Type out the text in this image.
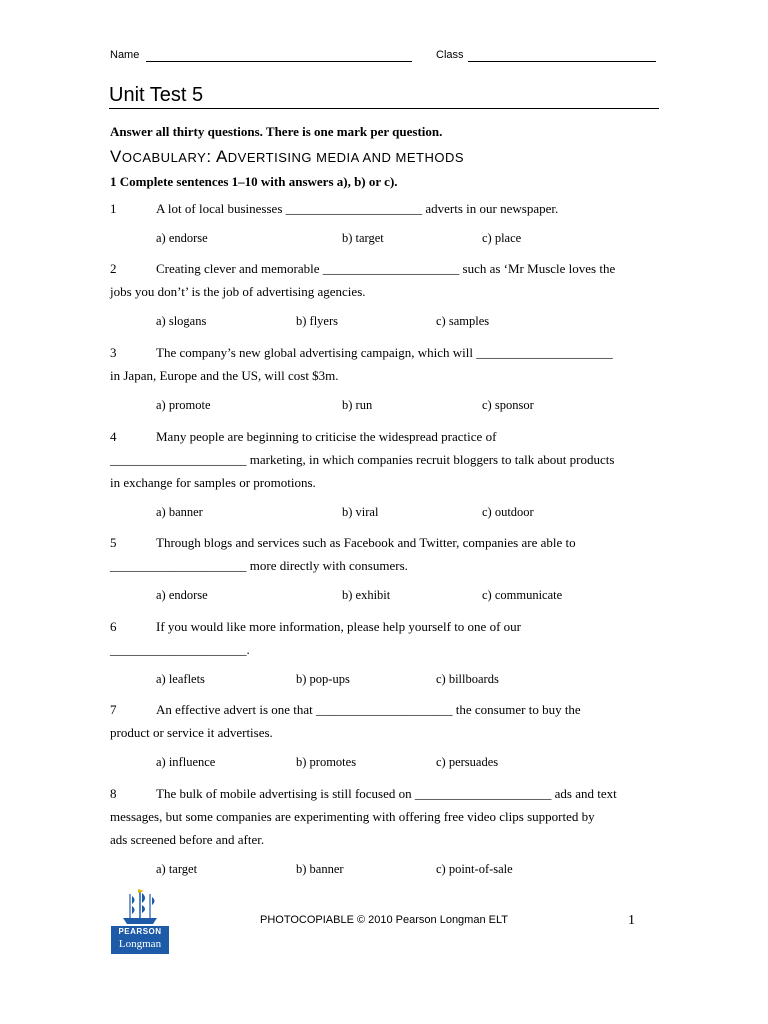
Name	Class
Unit Test 5
Answer all thirty questions. There is one mark per question.
VOCABULARY: ADVERTISING MEDIA AND METHODS
1 Complete sentences 1–10 with answers a), b) or c).
1	A lot of local businesses _____________________ adverts in our newspaper.
a) endorse	b) target	c) place
2	Creating clever and memorable _____________________ such as ‘Mr Muscle loves the
jobs you don’t’ is the job of advertising agencies.
a) slogans	b) flyers	c) samples
3	The company’s new global advertising campaign, which will _____________________
in Japan, Europe and the US, will cost $3m.
a) promote	b) run	c) sponsor
4	Many people are beginning to criticise the widespread practice of
_____________________ marketing, in which companies recruit bloggers to talk about products
in exchange for samples or promotions.
a) banner	b) viral	c) outdoor
5	Through blogs and services such as Facebook and Twitter, companies are able to
_____________________ more directly with consumers.
a) endorse	b) exhibit	c) communicate
6	If you would like more information, please help yourself to one of our
_____________________.
a) leaflets	b) pop-ups	c) billboards
7	An effective advert is one that _____________________ the consumer to buy the
product or service it advertises.
a) influence	b) promotes	c) persuades
8	The bulk of mobile advertising is still focused on _____________________ ads and text
messages, but some companies are experimenting with offering free video clips supported by
ads screened before and after.
a) target	b) banner	c) point-of-sale
PEARSON
Longman
PHOTOCOPIABLE © 2010 Pearson Longman ELT	1
